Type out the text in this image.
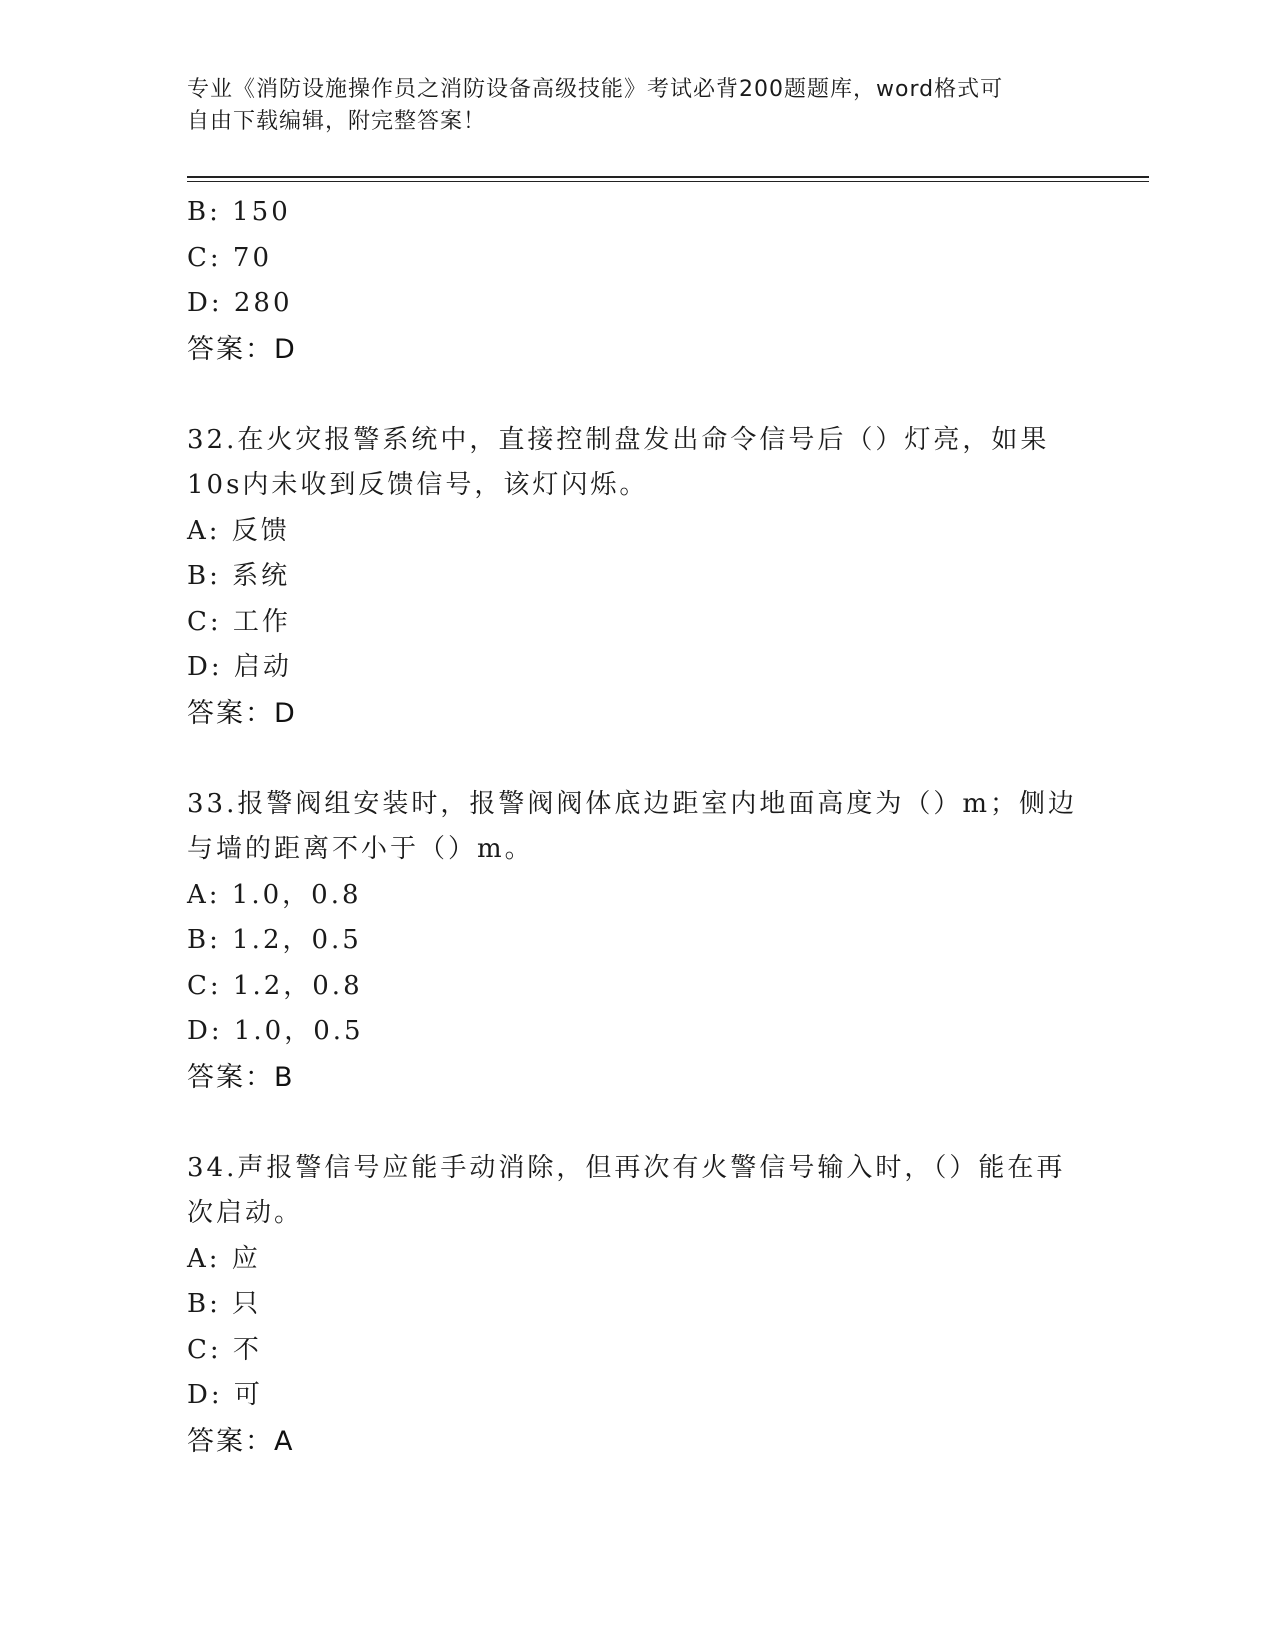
专业《消防设施操作员之消防设备高级技能》考试必背200题题库，word格式可
自由下载编辑，附完整答案！
B: 150
C: 70
D: 280
答案：D
32.在火灾报警系统中，直接控制盘发出命令信号后（）灯亮，如果
10s内未收到反馈信号，该灯闪烁。
A: 反馈
B: 系统
C: 工作
D: 启动
答案：D
33.报警阀组安装时，报警阀阀体底边距室内地面高度为（）m；侧边
与墙的距离不小于（）m。
A: 1.0，0.8
B: 1.2，0.5
C: 1.2，0.8
D: 1.0，0.5
答案：B
34.声报警信号应能手动消除，但再次有火警信号输入时，（）能在再
次启动。
A: 应
B: 只
C: 不
D: 可
答案：A
